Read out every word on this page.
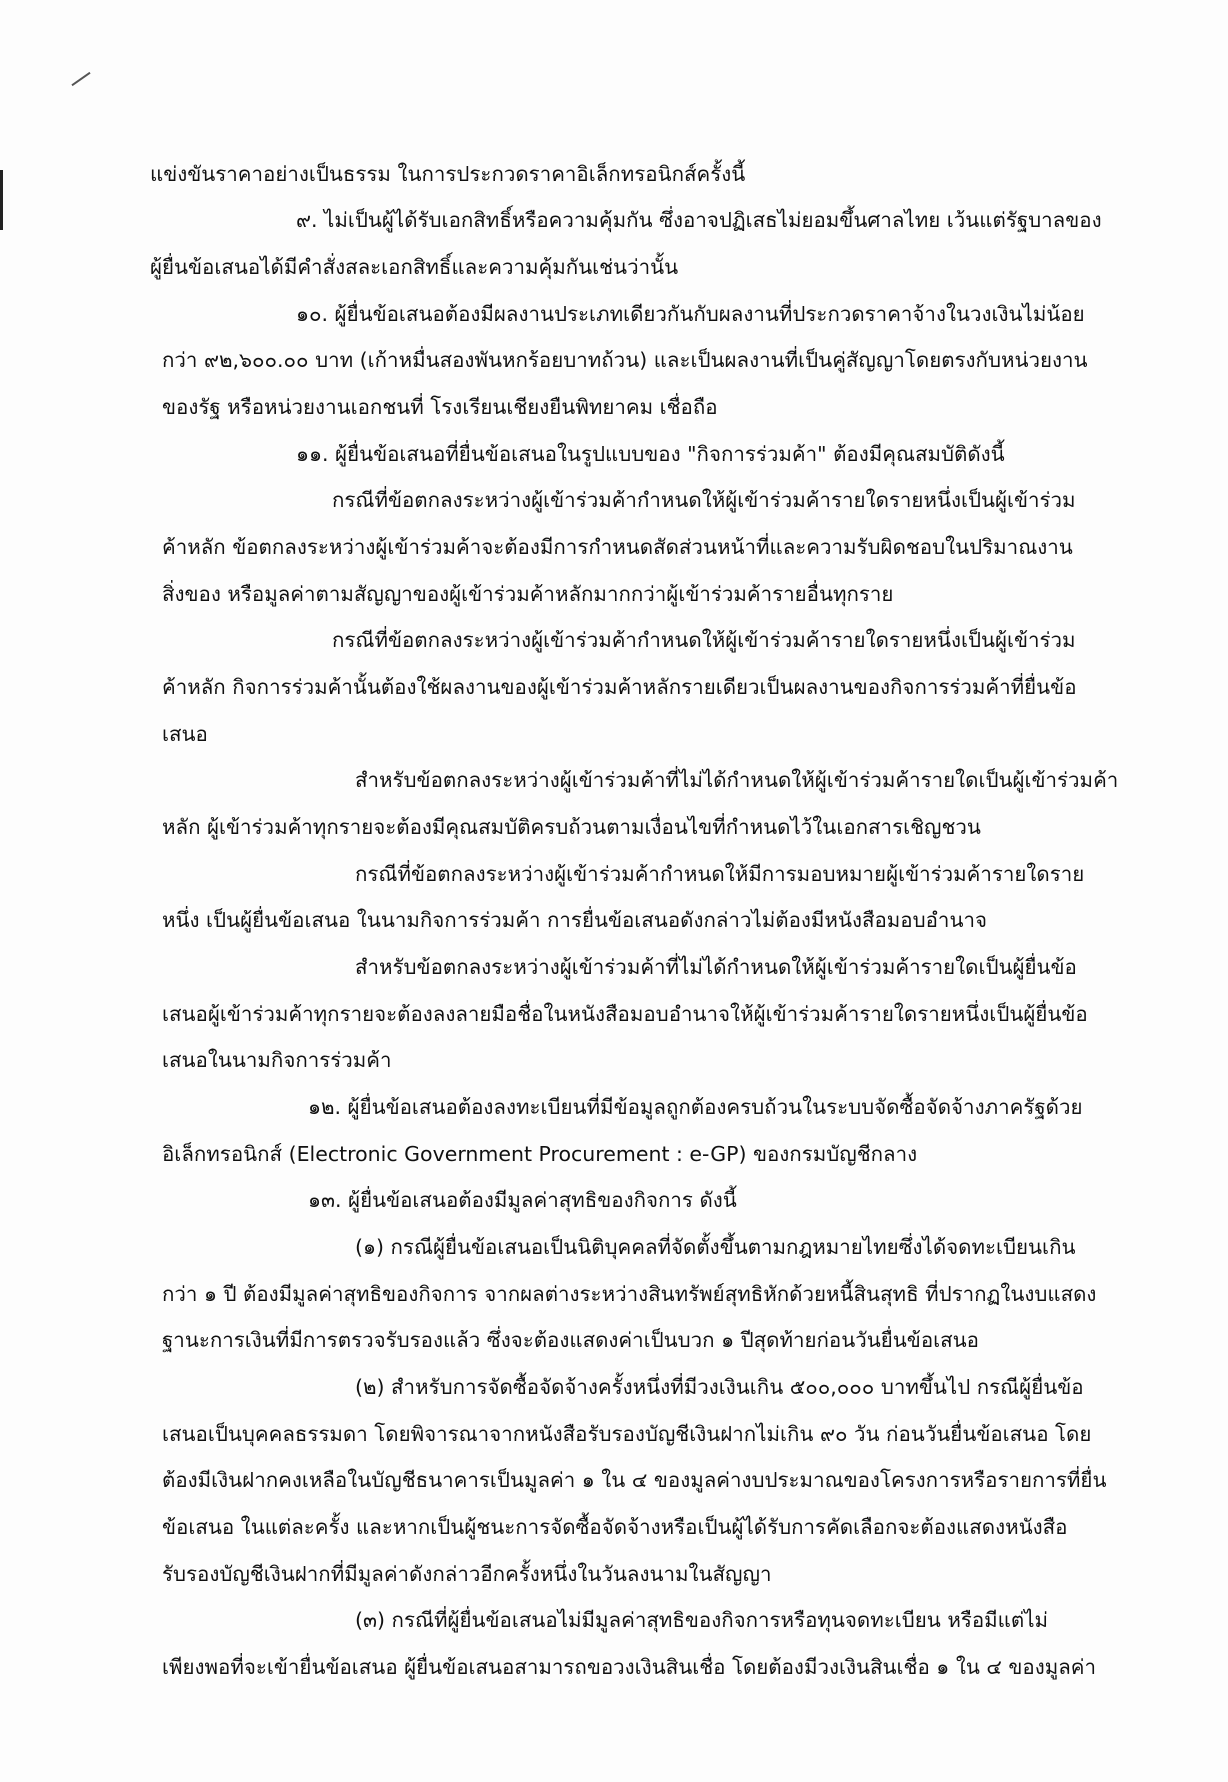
แข่งขันราคาอย่างเป็นธรรม ในการประกวดราคาอิเล็กทรอนิกส์ครั้งนี้
๙. ไม่เป็นผู้ได้รับเอกสิทธิ์หรือความคุ้มกัน ซึ่งอาจปฏิเสธไม่ยอมขึ้นศาลไทย เว้นแต่รัฐบาลของ
ผู้ยื่นข้อเสนอได้มีคำสั่งสละเอกสิทธิ์และความคุ้มกันเช่นว่านั้น
๑๐. ผู้ยื่นข้อเสนอต้องมีผลงานประเภทเดียวกันกับผลงานที่ประกวดราคาจ้างในวงเงินไม่น้อย
กว่า ๙๒,๖๐๐.๐๐ บาท (เก้าหมื่นสองพันหกร้อยบาทถ้วน) และเป็นผลงานที่เป็นคู่สัญญาโดยตรงกับหน่วยงาน
ของรัฐ หรือหน่วยงานเอกชนที่ โรงเรียนเชียงยืนพิทยาคม เชื่อถือ
๑๑. ผู้ยื่นข้อเสนอที่ยื่นข้อเสนอในรูปแบบของ "กิจการร่วมค้า" ต้องมีคุณสมบัติดังนี้
กรณีที่ข้อตกลงระหว่างผู้เข้าร่วมค้ากำหนดให้ผู้เข้าร่วมค้ารายใดรายหนึ่งเป็นผู้เข้าร่วม
ค้าหลัก ข้อตกลงระหว่างผู้เข้าร่วมค้าจะต้องมีการกำหนดสัดส่วนหน้าที่และความรับผิดชอบในปริมาณงาน
สิ่งของ หรือมูลค่าตามสัญญาของผู้เข้าร่วมค้าหลักมากกว่าผู้เข้าร่วมค้ารายอื่นทุกราย
กรณีที่ข้อตกลงระหว่างผู้เข้าร่วมค้ากำหนดให้ผู้เข้าร่วมค้ารายใดรายหนึ่งเป็นผู้เข้าร่วม
ค้าหลัก กิจการร่วมค้านั้นต้องใช้ผลงานของผู้เข้าร่วมค้าหลักรายเดียวเป็นผลงานของกิจการร่วมค้าที่ยื่นข้อ
เสนอ
สำหรับข้อตกลงระหว่างผู้เข้าร่วมค้าที่ไม่ได้กำหนดให้ผู้เข้าร่วมค้ารายใดเป็นผู้เข้าร่วมค้า
หลัก ผู้เข้าร่วมค้าทุกรายจะต้องมีคุณสมบัติครบถ้วนตามเงื่อนไขที่กำหนดไว้ในเอกสารเชิญชวน
กรณีที่ข้อตกลงระหว่างผู้เข้าร่วมค้ากำหนดให้มีการมอบหมายผู้เข้าร่วมค้ารายใดราย
หนึ่ง เป็นผู้ยื่นข้อเสนอ ในนามกิจการร่วมค้า การยื่นข้อเสนอดังกล่าวไม่ต้องมีหนังสือมอบอำนาจ
สำหรับข้อตกลงระหว่างผู้เข้าร่วมค้าที่ไม่ได้กำหนดให้ผู้เข้าร่วมค้ารายใดเป็นผู้ยื่นข้อ
เสนอผู้เข้าร่วมค้าทุกรายจะต้องลงลายมือชื่อในหนังสือมอบอำนาจให้ผู้เข้าร่วมค้ารายใดรายหนึ่งเป็นผู้ยื่นข้อ
เสนอในนามกิจการร่วมค้า
๑๒. ผู้ยื่นข้อเสนอต้องลงทะเบียนที่มีข้อมูลถูกต้องครบถ้วนในระบบจัดซื้อจัดจ้างภาครัฐด้วย
อิเล็กทรอนิกส์ (Electronic Government Procurement : e-GP) ของกรมบัญชีกลาง
๑๓. ผู้ยื่นข้อเสนอต้องมีมูลค่าสุทธิของกิจการ ดังนี้
(๑) กรณีผู้ยื่นข้อเสนอเป็นนิติบุคคลที่จัดตั้งขึ้นตามกฎหมายไทยซึ่งได้จดทะเบียนเกิน
กว่า ๑ ปี ต้องมีมูลค่าสุทธิของกิจการ จากผลต่างระหว่างสินทรัพย์สุทธิหักด้วยหนี้สินสุทธิ ที่ปรากฏในงบแสดง
ฐานะการเงินที่มีการตรวจรับรองแล้ว ซึ่งจะต้องแสดงค่าเป็นบวก ๑ ปีสุดท้ายก่อนวันยื่นข้อเสนอ
(๒) สำหรับการจัดซื้อจัดจ้างครั้งหนึ่งที่มีวงเงินเกิน ๕๐๐,๐๐๐ บาทขึ้นไป กรณีผู้ยื่นข้อ
เสนอเป็นบุคคลธรรมดา โดยพิจารณาจากหนังสือรับรองบัญชีเงินฝากไม่เกิน ๙๐ วัน ก่อนวันยื่นข้อเสนอ โดย
ต้องมีเงินฝากคงเหลือในบัญชีธนาคารเป็นมูลค่า ๑ ใน ๔ ของมูลค่างบประมาณของโครงการหรือรายการที่ยื่น
ข้อเสนอ ในแต่ละครั้ง และหากเป็นผู้ชนะการจัดซื้อจัดจ้างหรือเป็นผู้ได้รับการคัดเลือกจะต้องแสดงหนังสือ
รับรองบัญชีเงินฝากที่มีมูลค่าดังกล่าวอีกครั้งหนึ่งในวันลงนามในสัญญา
(๓) กรณีที่ผู้ยื่นข้อเสนอไม่มีมูลค่าสุทธิของกิจการหรือทุนจดทะเบียน หรือมีแต่ไม่
เพียงพอที่จะเข้ายื่นข้อเสนอ ผู้ยื่นข้อเสนอสามารถขอวงเงินสินเชื่อ โดยต้องมีวงเงินสินเชื่อ ๑ ใน ๔ ของมูลค่า
